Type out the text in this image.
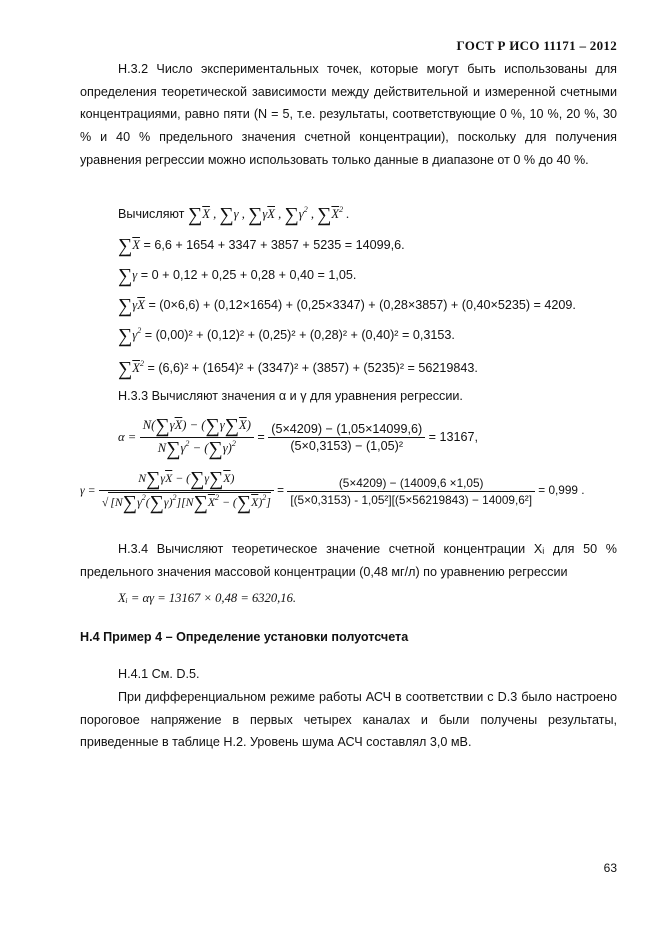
ГОСТ Р ИСО 11171 – 2012
Н.3.2 Число экспериментальных точек, которые могут быть использованы для определения теоретической зависимости между действительной и измеренной счетными концентрациями, равно пяти (N = 5, т.е. результаты, соответствующие 0 %, 10 %, 20 %, 30 % и 40 % предельного значения счетной концентрации), поскольку для получения уравнения регрессии можно использовать только данные в диапазоне от 0 % до 40 %.
Вычисляют $\sum\overline{X}$ , ∑γ , $\sum\gamma\overline{X}$ , $\sum\gamma^2$ , $\sum\overline{X}^2$ .
$\sum\overline{X} = 6,6 + 1654 + 3347 + 3857 + 5235 = 14099,6$.
∑γ = 0 + 0,12 + 0,25 + 0,28 + 0,40 = 1,05.
$\sum\gamma\overline{X} = (0\times 6,6) + (0,12\times 1654) + (0,25\times 3347) + (0,28\times 3857) + (0,40\times 5235) = 4209$.
$\sum\gamma^2 = (0,00)^2 + (0,12)^2 + (0,25)^2 + (0,28)^2 + (0,40)^2 = 0,3153$.
$\sum\overline{X}^2 = (6,6)^2 + (1654)^2 + (3347)^2 + (3857) + (5235)^2 = 56219843$.
Н.3.3 Вычисляют значения α и γ для уравнения регрессии.
$\alpha = \frac{N(\sum\gamma\overline{X}) - (\sum\gamma\sum\overline{X})}{N\sum\gamma^2 - (\sum\gamma)^2} = \frac{(5\times 4209) - (1,05\times 14099,6)}{\text{(5×0,3153) − (1,05)²}} = 13167$,
$\gamma = \frac{N\sum\gamma\overline{X} - (\sum\gamma\sum\overline{X})}{√ [N\sum\gamma^2(\sum\gamma)^2][N\sum\overline{X}^2 - (\sum\overline{X})^2]} = \frac{(5\times 4209) - (14009,6 \times 1,05)}{\text{[(5×0,3153) - 1,05²][(5×56219843) − 14009,6²]}} = 0,999$ .
Н.3.4 Вычисляют теоретическое значение счетной концентрации Xᵢ для 50 % предельного значения массовой концентрации (0,48 мг/л) по уравнению регрессии
Xᵢ = αγ = 13167 × 0,48 = 6320,16.
Н.4 Пример 4 – Определение установки полуотсчета
Н.4.1 См. D.5.
При дифференциальном режиме работы АСЧ в соответствии с D.3 было настроено пороговое напряжение в первых четырех каналах и были получены результаты, приведенные в таблице Н.2. Уровень шума АСЧ составлял 3,0 мВ.
63
